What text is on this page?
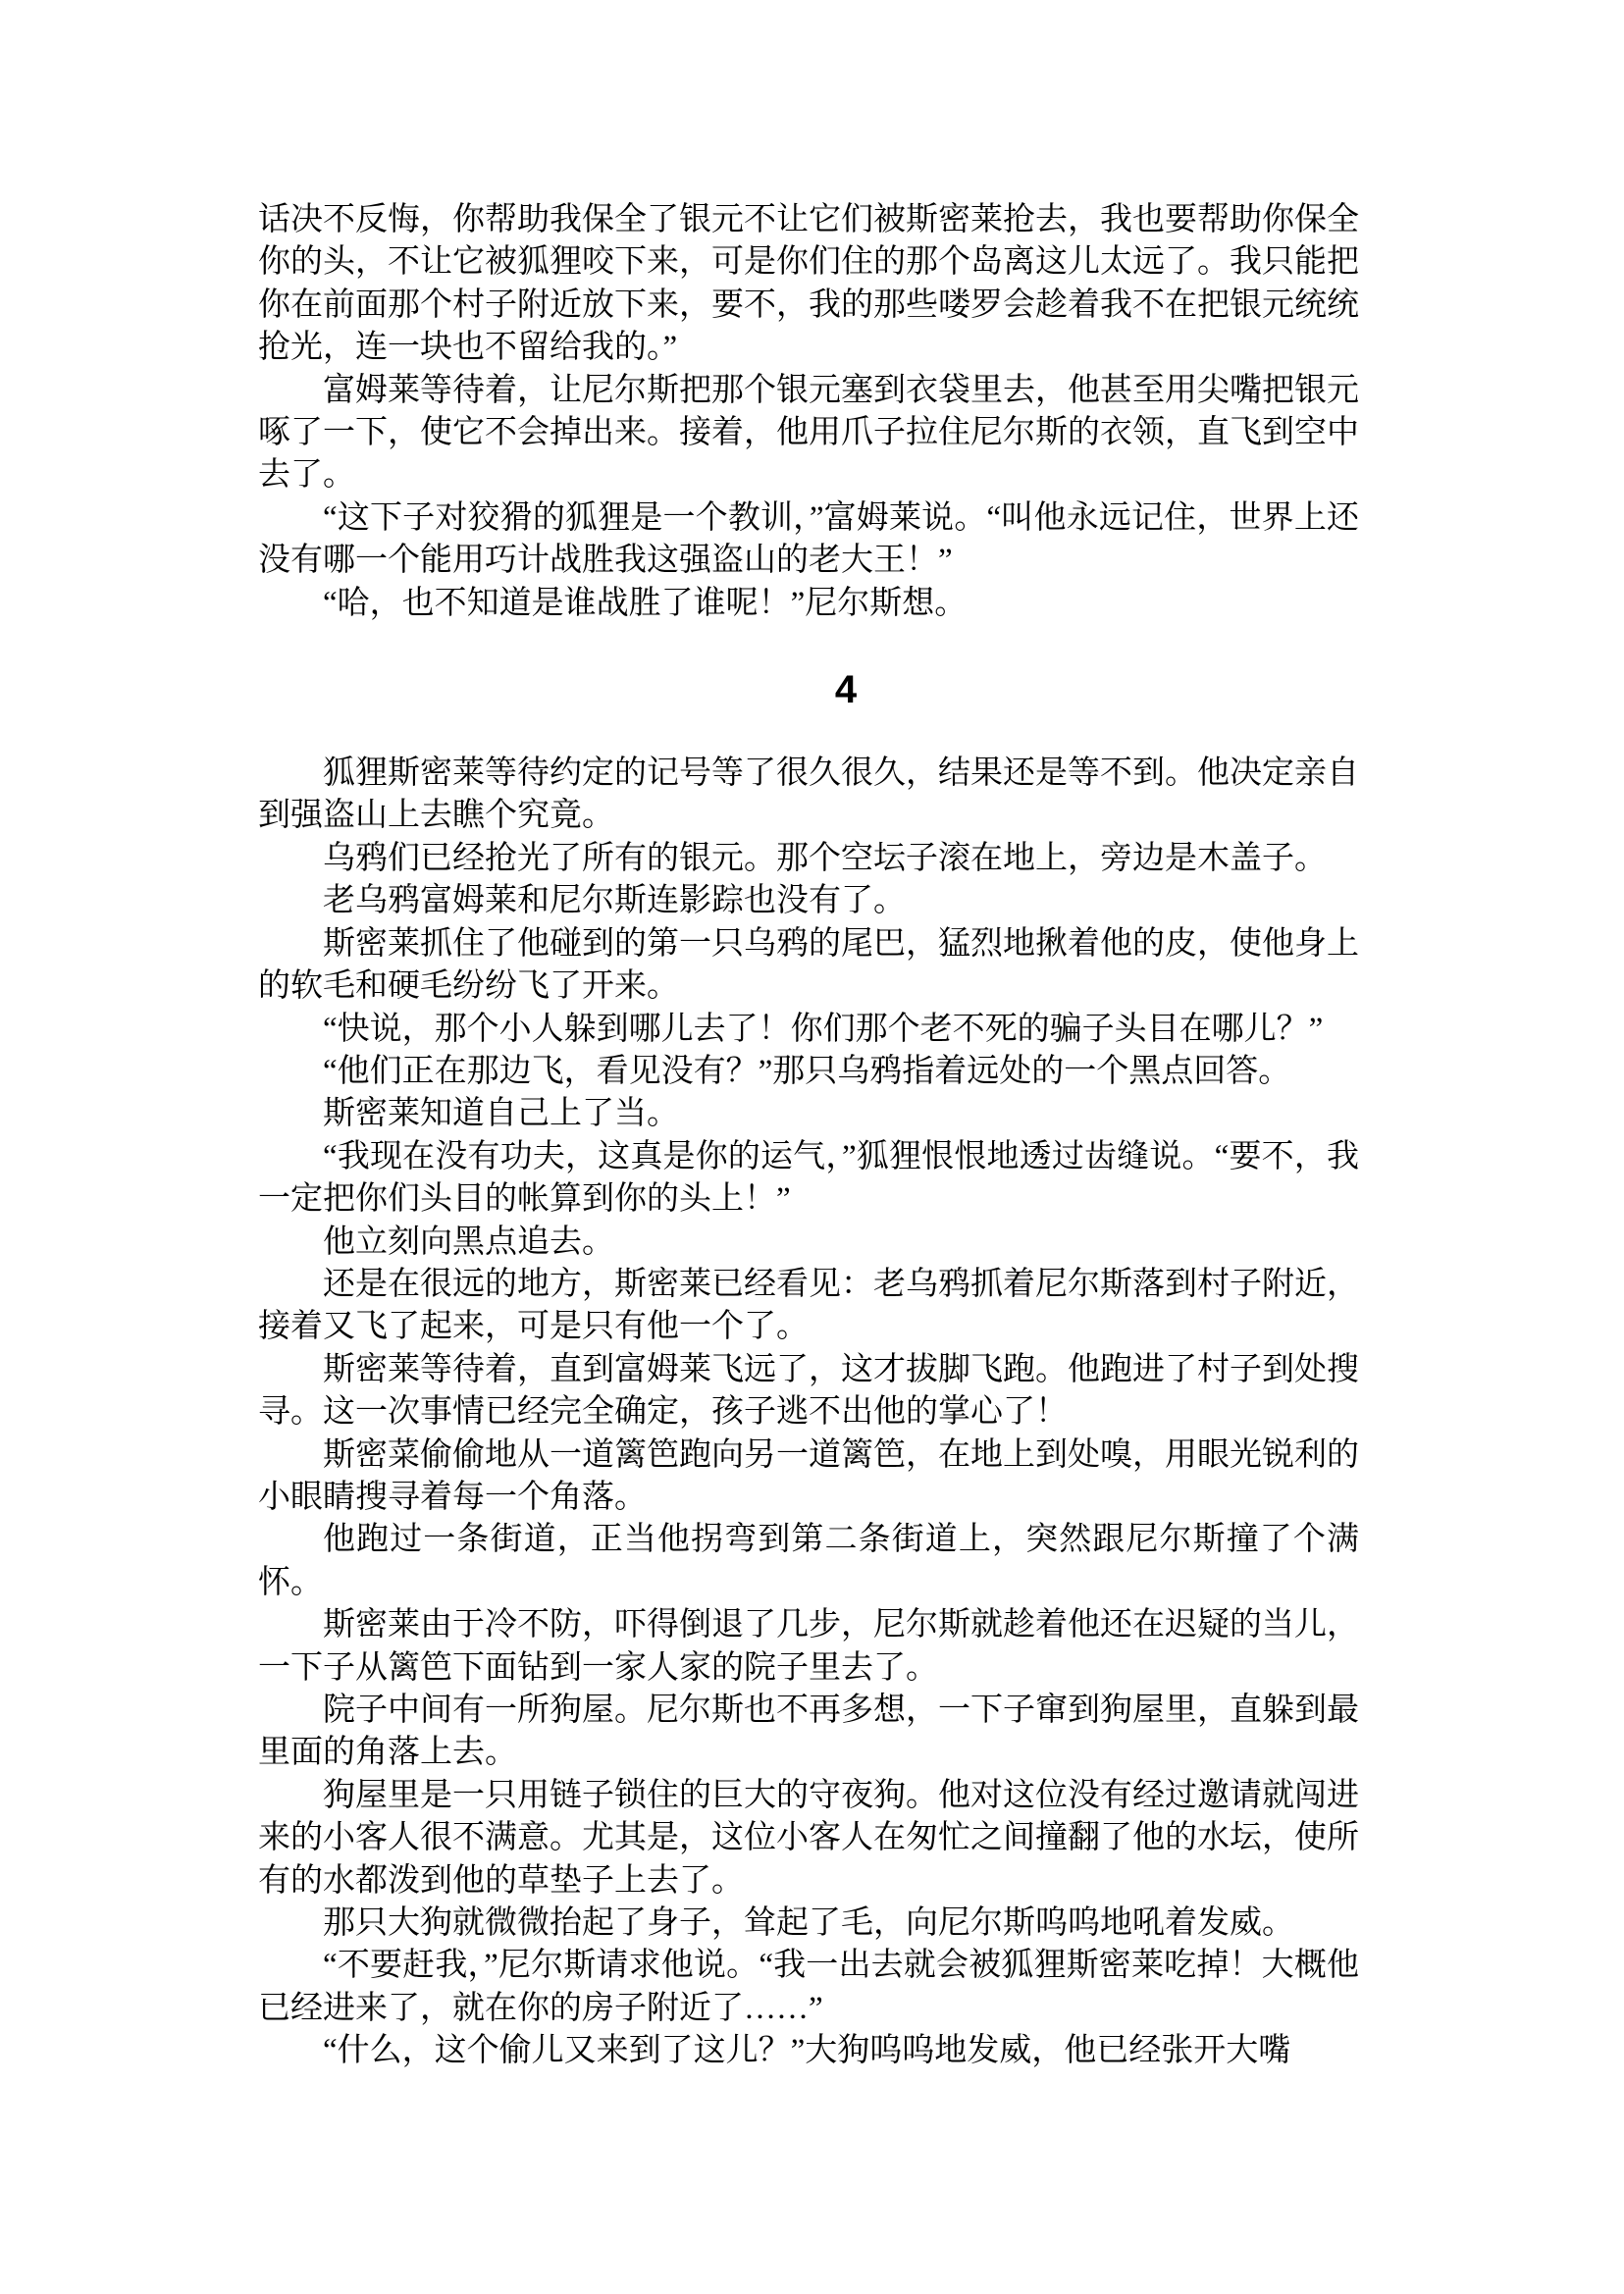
话决不反悔，你帮助我保全了银元不让它们被斯密莱抢去，我也要帮助你保全你的头，不让它被狐狸咬下来，可是你们住的那个岛离这儿太远了。我只能把你在前面那个村子附近放下来，要不，我的那些喽罗会趁着我不在把银元统统抢光，连一块也不留给我的。”

富姆莱等待着，让尼尔斯把那个银元塞到衣袋里去，他甚至用尖嘴把银元啄了一下，使它不会掉出来。接着，他用爪子拉住尼尔斯的衣领，直飞到空中去了。

“这下子对狡猾的狐狸是一个教训，”富姆莱说。“叫他永远记住，世界上还没有哪一个能用巧计战胜我这强盗山的老大王！”

“哈，也不知道是谁战胜了谁呢！”尼尔斯想。

4

狐狸斯密莱等待约定的记号等了很久很久，结果还是等不到。他决定亲自到强盗山上去瞧个究竟。

乌鸦们已经抢光了所有的银元。那个空坛子滚在地上，旁边是木盖子。

老乌鸦富姆莱和尼尔斯连影踪也没有了。

斯密莱抓住了他碰到的第一只乌鸦的尾巴，猛烈地揪着他的皮，使他身上的软毛和硬毛纷纷飞了开来。

“快说，那个小人躲到哪儿去了！你们那个老不死的骗子头目在哪儿？”

“他们正在那边飞，看见没有？”那只乌鸦指着远处的一个黑点回答。

斯密莱知道自己上了当。

“我现在没有功夫，这真是你的运气，”狐狸恨恨地透过齿缝说。“要不，我一定把你们头目的帐算到你的头上！”

他立刻向黑点追去。

还是在很远的地方，斯密莱已经看见：老乌鸦抓着尼尔斯落到村子附近，接着又飞了起来，可是只有他一个了。

斯密莱等待着，直到富姆莱飞远了，这才拔脚飞跑。他跑进了村子到处搜寻。这一次事情已经完全确定，孩子逃不出他的掌心了！

斯密菜偷偷地从一道篱笆跑向另一道篱笆，在地上到处嗅，用眼光锐利的小眼睛搜寻着每一个角落。

他跑过一条街道，正当他拐弯到第二条街道上，突然跟尼尔斯撞了个满怀。

斯密莱由于冷不防，吓得倒退了几步，尼尔斯就趁着他还在迟疑的当儿，一下子从篱笆下面钻到一家人家的院子里去了。

院子中间有一所狗屋。尼尔斯也不再多想，一下子窜到狗屋里，直躲到最里面的角落上去。

狗屋里是一只用链子锁住的巨大的守夜狗。他对这位没有经过邀请就闯进来的小客人很不满意。尤其是，这位小客人在匆忙之间撞翻了他的水坛，使所有的水都泼到他的草垫子上去了。

那只大狗就微微抬起了身子，耸起了毛，向尼尔斯呜呜地吼着发威。

“不要赶我，”尼尔斯请求他说。“我一出去就会被狐狸斯密莱吃掉！大概他已经进来了，就在你的房子附近了……”

“什么，这个偷儿又来到了这儿？”大狗呜呜地发威，他已经张开大嘴
